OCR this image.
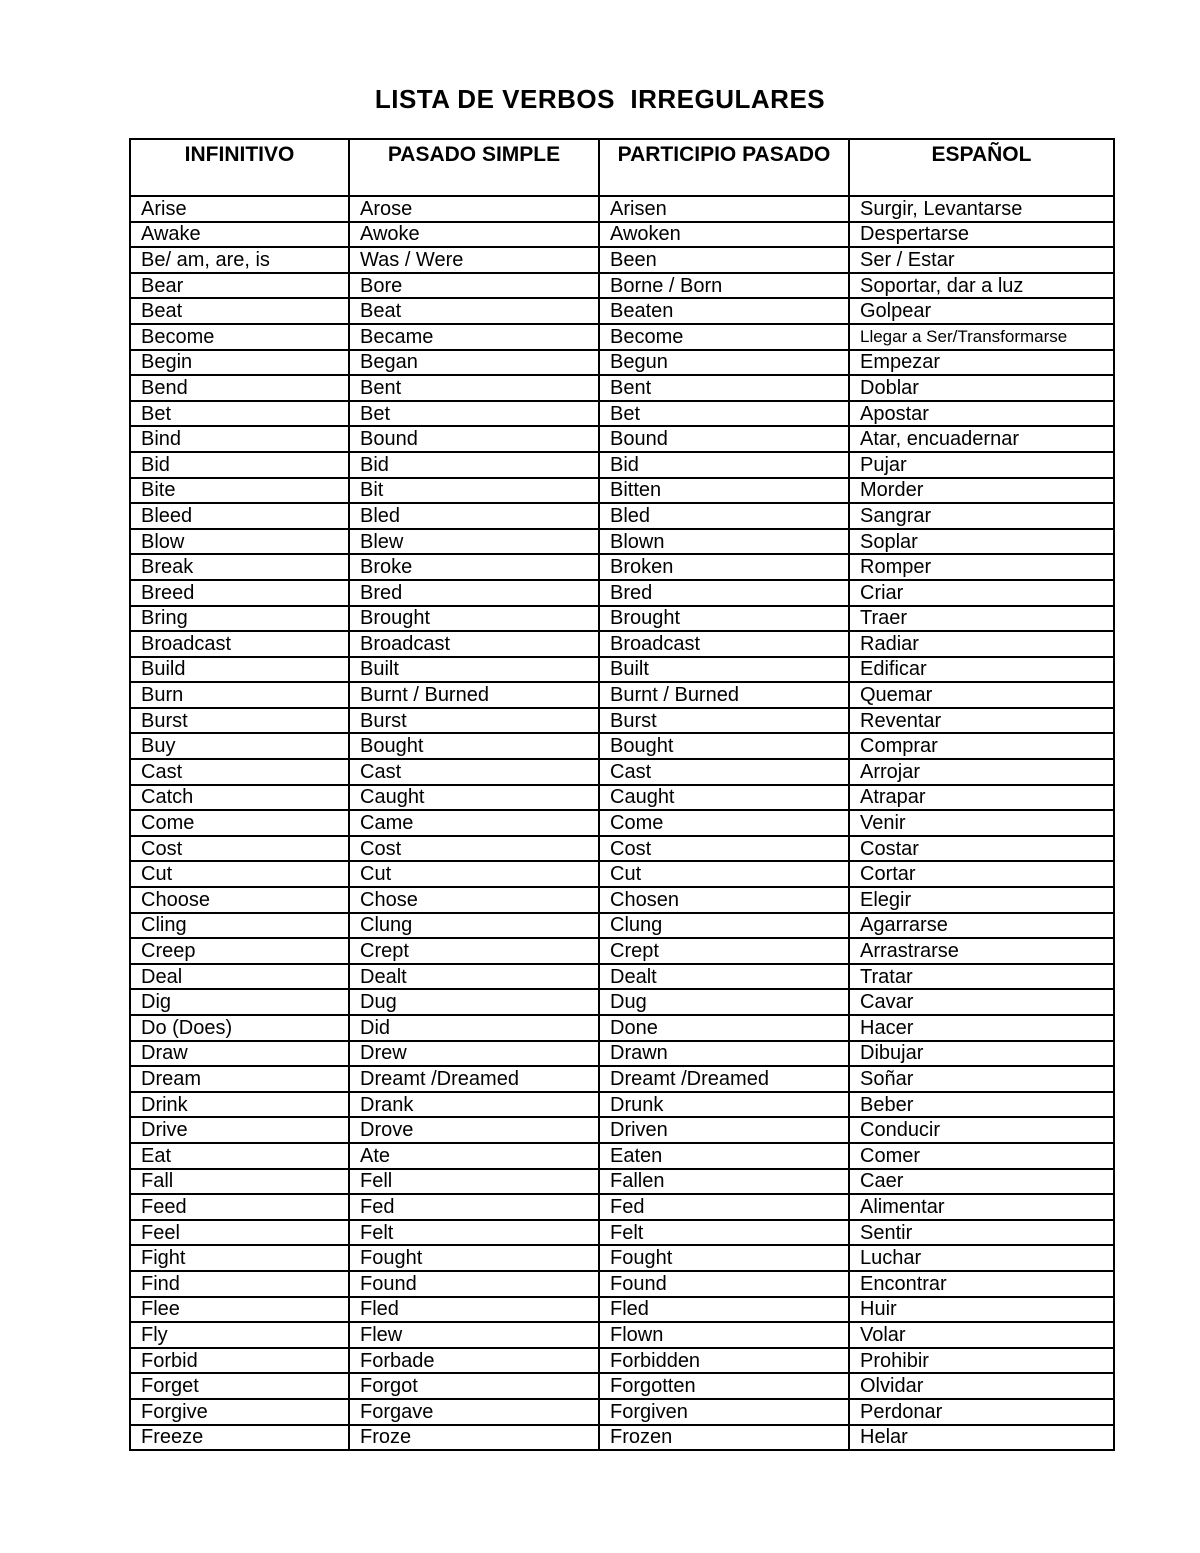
LISTA DE VERBOS  IRREGULARES
INFINITIVO	PASADO SIMPLE	PARTICIPIO PASADO	ESPAÑOL
Arise	Arose	Arisen	Surgir, Levantarse
Awake	Awoke	Awoken	Despertarse
Be/ am, are, is	Was / Were	Been	Ser / Estar
Bear	Bore	Borne / Born	Soportar, dar a luz
Beat	Beat	Beaten	Golpear
Become	Became	Become	Llegar a Ser/Transformarse
Begin	Began	Begun	Empezar
Bend	Bent	Bent	Doblar
Bet	Bet	Bet	Apostar
Bind	Bound	Bound	Atar, encuadernar
Bid	Bid	Bid	Pujar
Bite	Bit	Bitten	Morder
Bleed	Bled	Bled	Sangrar
Blow	Blew	Blown	Soplar
Break	Broke	Broken	Romper
Breed	Bred	Bred	Criar
Bring	Brought	Brought	Traer
Broadcast	Broadcast	Broadcast	Radiar
Build	Built	Built	Edificar
Burn	Burnt / Burned	Burnt / Burned	Quemar
Burst	Burst	Burst	Reventar
Buy	Bought	Bought	Comprar
Cast	Cast	Cast	Arrojar
Catch	Caught	Caught	Atrapar
Come	Came	Come	Venir
Cost	Cost	Cost	Costar
Cut	Cut	Cut	Cortar
Choose	Chose	Chosen	Elegir
Cling	Clung	Clung	Agarrarse
Creep	Crept	Crept	Arrastrarse
Deal	Dealt	Dealt	Tratar
Dig	Dug	Dug	Cavar
Do (Does)	Did	Done	Hacer
Draw	Drew	Drawn	Dibujar
Dream	Dreamt /Dreamed	Dreamt /Dreamed	Soñar
Drink	Drank	Drunk	Beber
Drive	Drove	Driven	Conducir
Eat	Ate	Eaten	Comer
Fall	Fell	Fallen	Caer
Feed	Fed	Fed	Alimentar
Feel	Felt	Felt	Sentir
Fight	Fought	Fought	Luchar
Find	Found	Found	Encontrar
Flee	Fled	Fled	Huir
Fly	Flew	Flown	Volar
Forbid	Forbade	Forbidden	Prohibir
Forget	Forgot	Forgotten	Olvidar
Forgive	Forgave	Forgiven	Perdonar
Freeze	Froze	Frozen	Helar
